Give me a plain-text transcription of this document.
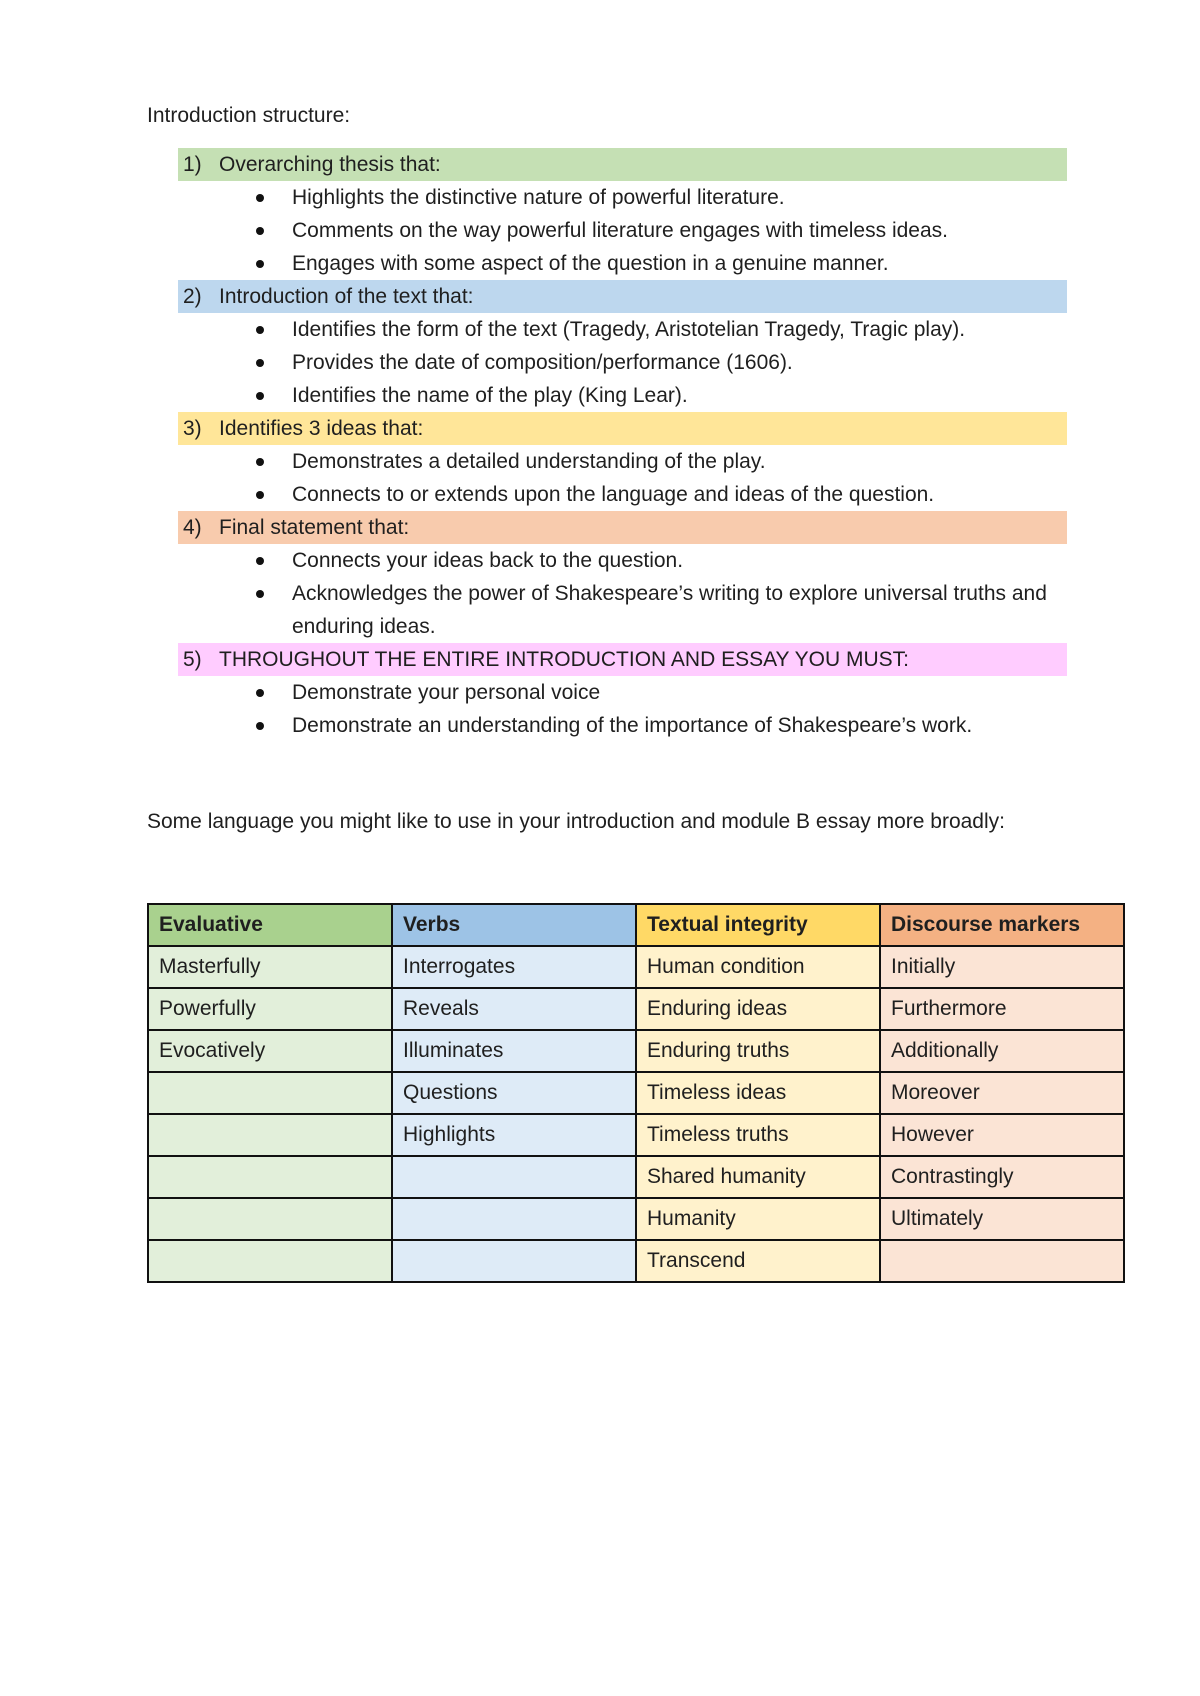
Introduction structure:
1) Overarching thesis that:
Highlights the distinctive nature of powerful literature.
Comments on the way powerful literature engages with timeless ideas.
Engages with some aspect of the question in a genuine manner.
2) Introduction of the text that:
Identifies the form of the text (Tragedy, Aristotelian Tragedy, Tragic play).
Provides the date of composition/performance (1606).
Identifies the name of the play (King Lear).
3) Identifies 3 ideas that:
Demonstrates a detailed understanding of the play.
Connects to or extends upon the language and ideas of the question.
4) Final statement that:
Connects your ideas back to the question.
Acknowledges the power of Shakespeare’s writing to explore universal truths and enduring ideas.
5) THROUGHOUT THE ENTIRE INTRODUCTION AND ESSAY YOU MUST:
Demonstrate your personal voice
Demonstrate an understanding of the importance of Shakespeare’s work.
Some language you might like to use in your introduction and module B essay more broadly:
Evaluative	Verbs	Textual integrity	Discourse markers
Masterfully	Interrogates	Human condition	Initially
Powerfully	Reveals	Enduring ideas	Furthermore
Evocatively	Illuminates	Enduring truths	Additionally
	Questions	Timeless ideas	Moreover
	Highlights	Timeless truths	However
		Shared humanity	Contrastingly
		Humanity	Ultimately
		Transcend	
